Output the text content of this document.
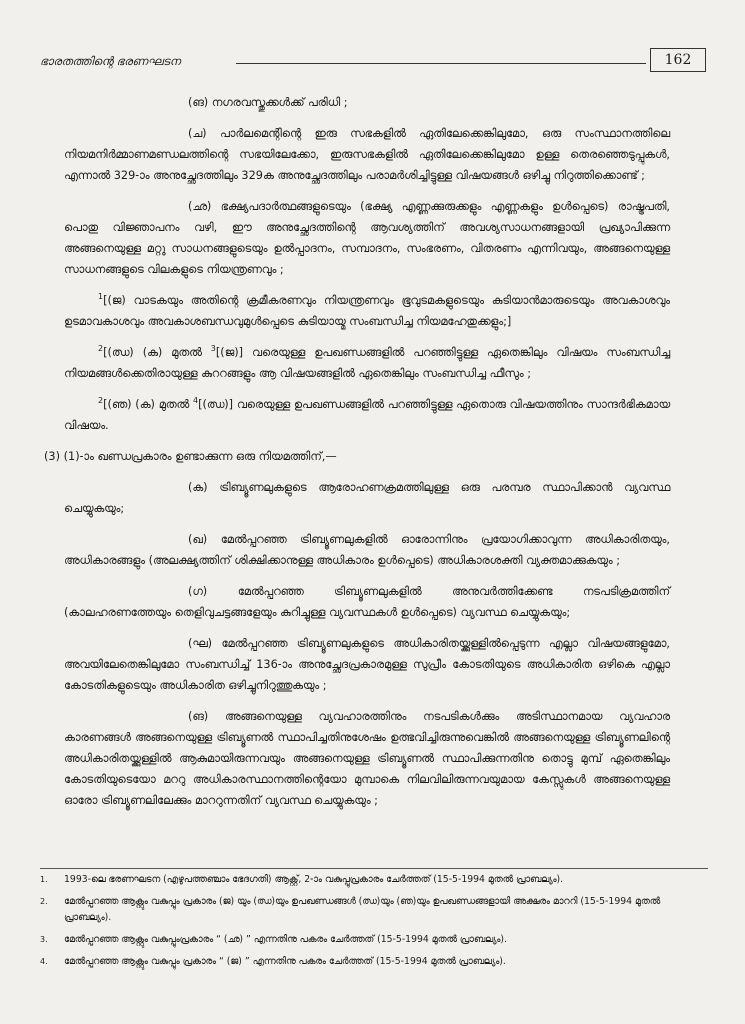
ഭാരതത്തിന്റെ ഭരണഘടന	162

(ങ) നഗരവസ്തുക്കൾക്ക് പരിധി ;

(ച) പാർലമെന്റിന്റെ ഇരു സഭകളിൽ ഏതിലേക്കെങ്കിലുമോ, ഒരു സംസ്ഥാനത്തിലെ നിയമനിർമ്മാണമണ്ഡലത്തിന്റെ സഭയിലേക്കോ, ഇരുസഭകളിൽ ഏതിലേക്കെങ്കിലുമോ ഉള്ള തെരഞ്ഞെടുപ്പുകൾ, എന്നാൽ 329-ാം അനുച്ഛേദത്തിലും 329ക അനുച്ഛേദത്തിലും പരാമർശിച്ചിട്ടുള്ള വിഷയങ്ങൾ ഒഴിച്ചു നിറുത്തിക്കൊണ്ട് ;

(ഛ) ഭക്ഷ്യപദാർത്ഥങ്ങളുടെയും (ഭക്ഷ്യ എണ്ണക്കുരുക്കളും എണ്ണകളും ഉൾപ്പെടെ) രാഷ്ട്രപതി, പൊതു വിജ്ഞാപനം വഴി, ഈ അനുച്ഛേദത്തിന്റെ ആവശ്യത്തിന് അവശ്യസാധനങ്ങളായി പ്രഖ്യാപിക്കുന്ന അങ്ങനെയുള്ള മറ്റു സാധനങ്ങളുടെയും ഉൽപ്പാദനം, സമ്പാദനം, സംഭരണം, വിതരണം എന്നിവയും, അങ്ങനെയുള്ള സാധനങ്ങളുടെ വിലകളുടെ നിയന്ത്രണവും ;

$^1$[(ജ) വാടകയും അതിന്റെ ക്രമീകരണവും നിയന്ത്രണവും ഭൂവുടമകളുടെയും കുടിയാൻമാരുടെയും അവകാശവും ഉടമാവകാശവും അവകാശബന്ധവുമുൾപ്പെടെ കുടിയായ്മ സംബന്ധിച്ച നിയമഹേതുക്കളും;]

$^2$[(ഝ) (ക) മുതൽ $^3$[(ജ)] വരെയുള്ള ഉപഖണ്ഡങ്ങളിൽ പറഞ്ഞിട്ടുള്ള ഏതെങ്കിലും വിഷയം സംബന്ധിച്ച നിയമങ്ങൾക്കെതിരായുള്ള കുററങ്ങളും ആ വിഷയങ്ങളിൽ ഏതെങ്കിലും സംബന്ധിച്ച ഫീസും ;

$^2$[(ഞ) (ക) മുതൽ $^4$[(ഝ)] വരെയുള്ള ഉപഖണ്ഡങ്ങളിൽ പറഞ്ഞിട്ടുള്ള ഏതൊരു വിഷയത്തിനും സാന്ദർഭികമായ വിഷയം.

(3) (1)-ാം ഖണ്ഡപ്രകാരം ഉണ്ടാക്കുന്ന ഒരു നിയമത്തിന്,—

(ക) ട്രിബ്യൂണലുകളുടെ ആരോഹണക്രമത്തിലുള്ള ഒരു പരമ്പര സ്ഥാപിക്കാൻ വ്യവസ്ഥ ചെയ്യുകയും;

(ഖ) മേൽപ്പറഞ്ഞ ട്രിബ്യൂണലുകളിൽ ഓരോന്നിനും പ്രയോഗിക്കാവുന്ന അധികാരിതയും, അധികാരങ്ങളും (അലക്ഷ്യത്തിന് ശിക്ഷിക്കാനുള്ള അധികാരം ഉൾപ്പെടെ) അധികാരശക്തി വ്യക്തമാക്കുകയും ;

(ഗ)	മേൽപ്പറഞ്ഞ ട്രിബ്യൂണലുകളിൽ അനുവർത്തിക്കേണ്ട നടപടിക്രമത്തിന് (കാലഹരണത്തേയും തെളിവുചട്ടങ്ങളേയും കുറിച്ചുള്ള വ്യവസ്ഥകൾ ഉൾപ്പെടെ) വ്യവസ്ഥ ചെയ്യുകയും;

(ഘ) മേൽപ്പറഞ്ഞ ട്രിബ്യൂണലുകളുടെ അധികാരിതയ്ക്കുള്ളിൽപ്പെടുന്ന എല്ലാ വിഷയങ്ങളുമോ, അവയിലേതെങ്കിലുമോ സംബന്ധിച്ച് 136-ാം അനുച്ഛേദപ്രകാരമുള്ള സുപ്രീം കോടതിയുടെ അധികാരിത ഒഴികെ എല്ലാ കോടതികളുടെയും അധികാരിത ഒഴിച്ചുനിറുത്തുകയും ;

(ങ) അങ്ങനെയുള്ള വ്യവഹാരത്തിനും നടപടികൾക്കും അടിസ്ഥാനമായ വ്യവഹാര കാരണങ്ങൾ അങ്ങനെയുള്ള ട്രിബ്യൂണൽ സ്ഥാപിച്ചതിനുശേഷം ഉത്ഭവിച്ചിരുന്നുവെങ്കിൽ അങ്ങനെയുള്ള ട്രിബ്യൂണലിന്റെ അധികാരിതയ്ക്കുള്ളിൽ ആകുമായിരുന്നവയും അങ്ങനെയുള്ള ട്രിബ്യൂണൽ സ്ഥാപിക്കുന്നതിനു തൊട്ടു മുമ്പ് ഏതെങ്കിലും കോടതിയുടെയോ മററു അധികാരസ്ഥാനത്തിന്റെയോ മുമ്പാകെ നിലവിലിരുന്നവയുമായ കേസ്സുകൾ അങ്ങനെയുള്ള ഓരോ ട്രിബ്യൂണലിലേക്കും മാററുന്നതിന് വ്യവസ്ഥ ചെയ്യുകയും ;

1. 1993-ലെ ഭരണഘടന (എഴുപത്തഞ്ചാം ഭേദഗതി) ആക്റ്റ്, 2-ാം വകുപ്പുപ്രകാരം ചേർത്തത് (15-5-1994 മുതൽ പ്രാബല്യം).

2. മേൽപ്പറഞ്ഞ ആക്റ്റും വകുപ്പും പ്രകാരം (ജ) യും (ഝ)യും ഉപഖണ്ഡങ്ങൾ (ഝ)യും (ഞ)യും ഉപഖണ്ഡങ്ങളായി അക്ഷരം മാററി (15-5-1994 മുതൽ പ്രാബല്യം).

3. മേൽപ്പറഞ്ഞ ആക്റ്റും വകുപ്പുംപ്രകാരം “ (ഛ) ” എന്നതിനു പകരം ചേർത്തത് (15-5-1994 മുതൽ പ്രാബല്യം).

4. മേൽപ്പറഞ്ഞ ആക്റ്റും വകുപ്പും പ്രകാരം “ (ജ) ” എന്നതിനു പകരം ചേർത്തത് (15-5-1994 മുതൽ പ്രാബല്യം).
